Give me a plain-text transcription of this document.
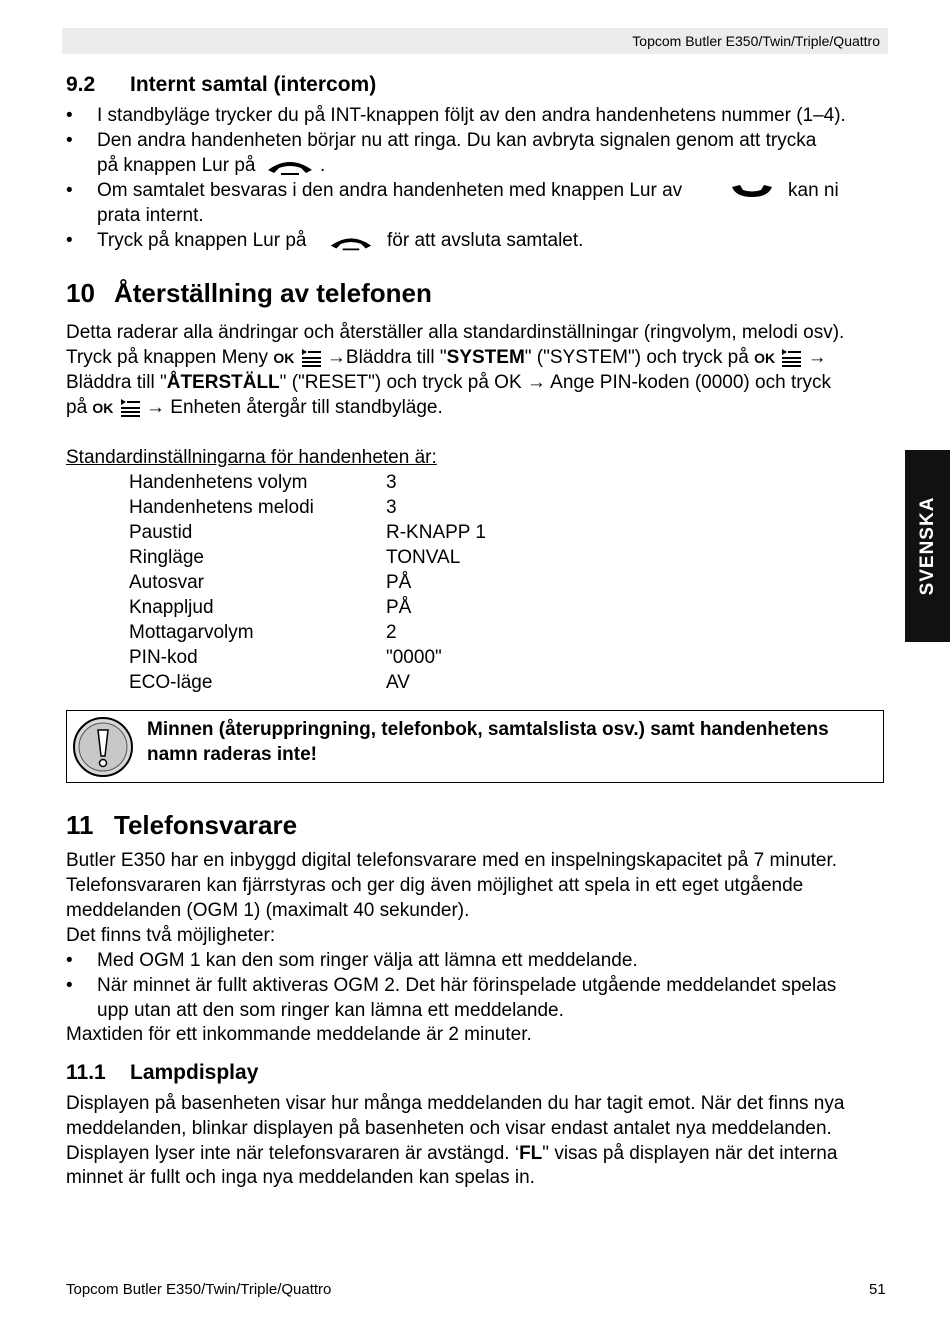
Topcom Butler E350/Twin/Triple/Quattro
9.2 Internt samtal (intercom)
• I standbyläge trycker du på INT-knappen följt av den andra handenhetens nummer (1–4).
• Den andra handenheten börjar nu att ringa. Du kan avbryta signalen genom att trycka
på knappen Lur på	.
• Om samtalet besvaras i den andra handenheten med knappen Lur av	kan ni
prata internt.
• Tryck på knappen Lur på	för att avsluta samtalet.
10 Återställning av telefonen
Detta raderar alla ändringar och återställer alla standardinställningar (ringvolym, melodi osv).
Tryck på knappen Meny OK →Bläddra till "SYSTEM" ("SYSTEM") och tryck på OK →
Bläddra till "ÅTERSTÄLL" ("RESET") och tryck på OK → Ange PIN-koden (0000) och tryck
på OK → Enheten återgår till standbyläge.
Standardinställningarna för handenheten är:
Handenhetens volym	3
Handenhetens melodi	3
Paustid	R-KNAPP 1
Ringläge	TONVAL
Autosvar	PÅ
Knappljud	PÅ
Mottagarvolym	2
PIN-kod	"0000"
ECO-läge	AV
Minnen (återuppringning, telefonbok, samtalslista osv.) samt handenhetens namn raderas inte!
11 Telefonsvarare
Butler E350 har en inbyggd digital telefonsvarare med en inspelningskapacitet på 7 minuter.
Telefonsvararen kan fjärrstyras och ger dig även möjlighet att spela in ett eget utgående
meddelanden (OGM 1) (maximalt 40 sekunder).
Det finns två möjligheter:
• Med OGM 1 kan den som ringer välja att lämna ett meddelande.
• När minnet är fullt aktiveras OGM 2. Det här förinspelade utgående meddelandet spelas
upp utan att den som ringer kan lämna ett meddelande.
Maxtiden för ett inkommande meddelande är 2 minuter.
11.1 Lampdisplay
Displayen på basenheten visar hur många meddelanden du har tagit emot. När det finns nya
meddelanden, blinkar displayen på basenheten och visar endast antalet nya meddelanden.
Displayen lyser inte när telefonsvararen är avstängd. ‘FL" visas på displayen när det interna
minnet är fullt och inga nya meddelanden kan spelas in.
SVENSKA
Topcom Butler E350/Twin/Triple/Quattro	51
